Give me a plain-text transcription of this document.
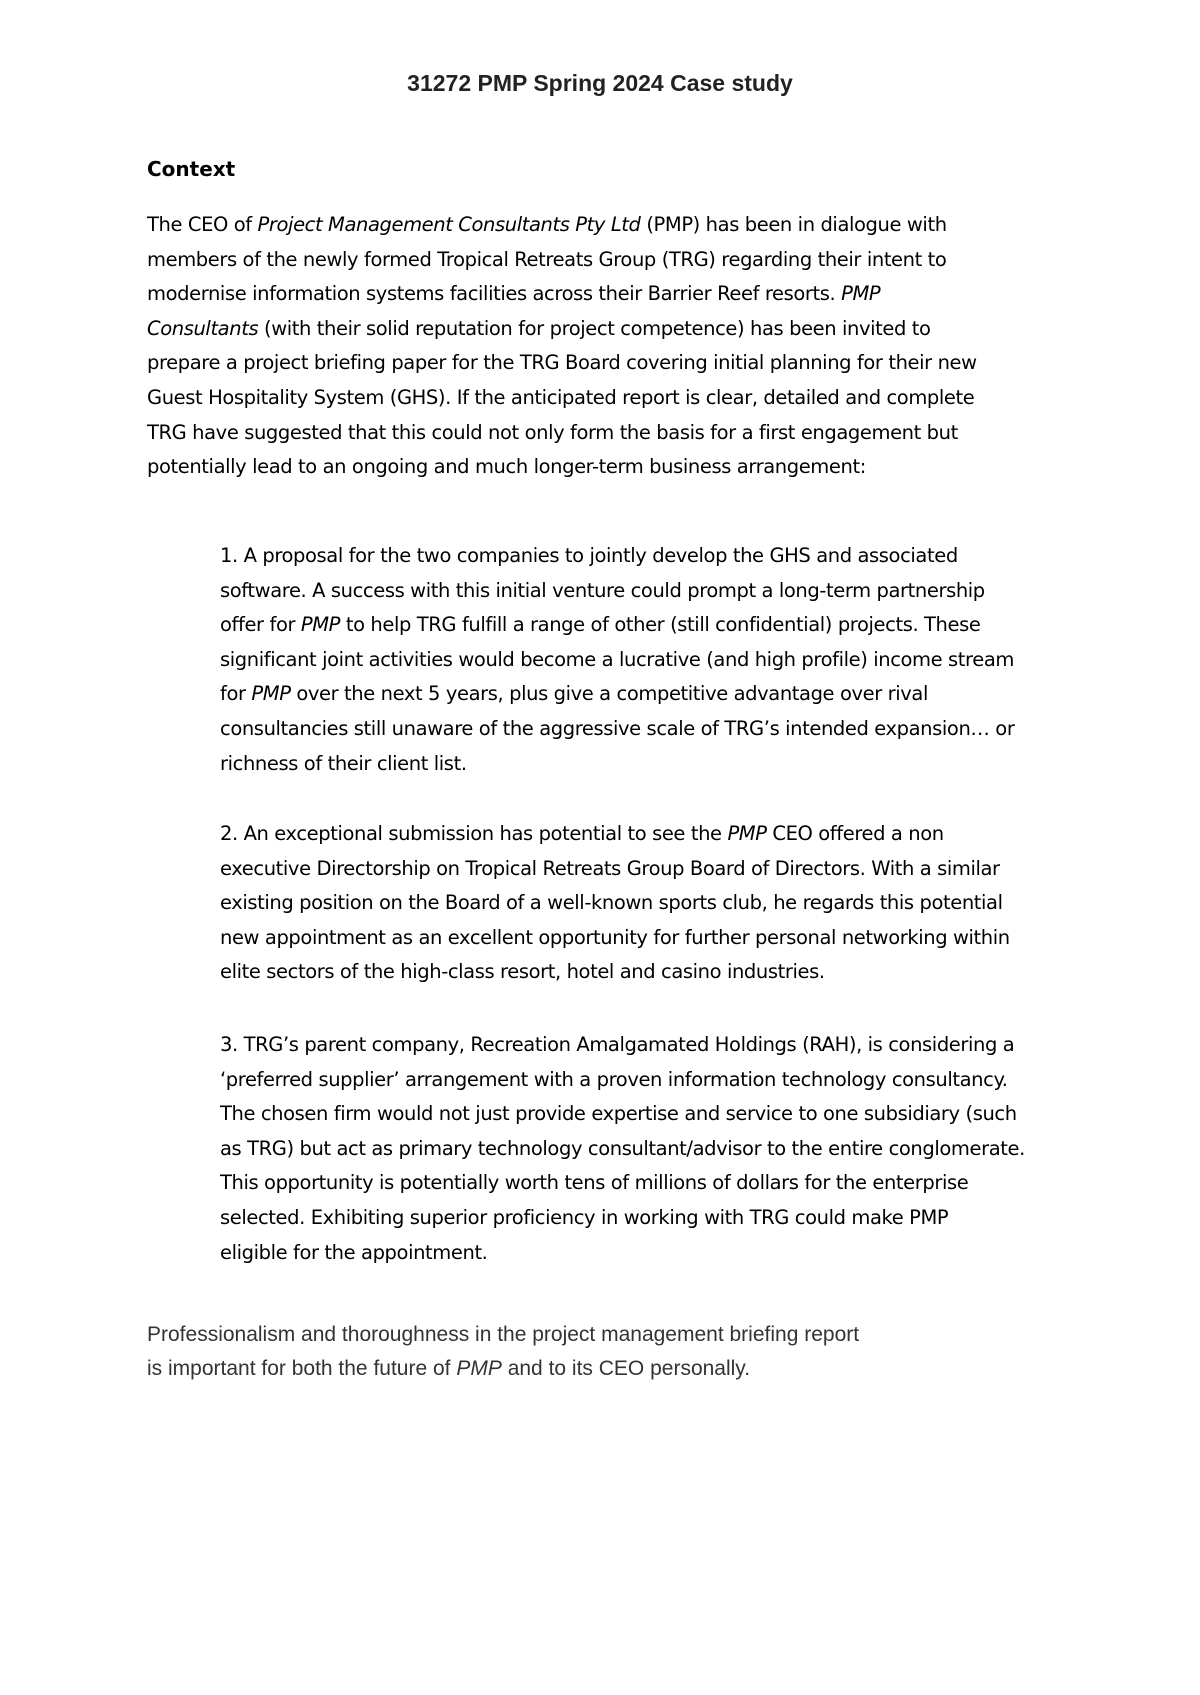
31272 PMP Spring 2024 Case study
Context

The CEO of Project Management Consultants Pty Ltd (PMP) has been in dialogue with
members of the newly formed Tropical Retreats Group (TRG) regarding their intent to
modernise information systems facilities across their Barrier Reef resorts. PMP
Consultants (with their solid reputation for project competence) has been invited to
prepare a project briefing paper for the TRG Board covering initial planning for their new
Guest Hospitality System (GHS). If the anticipated report is clear, detailed and complete
TRG have suggested that this could not only form the basis for a first engagement but
potentially lead to an ongoing and much longer-term business arrangement:

1. A proposal for the two companies to jointly develop the GHS and associated
software. A success with this initial venture could prompt a long-term partnership
offer for PMP to help TRG fulfill a range of other (still confidential) projects. These
significant joint activities would become a lucrative (and high profile) income stream
for PMP over the next 5 years, plus give a competitive advantage over rival
consultancies still unaware of the aggressive scale of TRG’s intended expansion… or
richness of their client list.

2. An exceptional submission has potential to see the PMP CEO offered a non
executive Directorship on Tropical Retreats Group Board of Directors. With a similar
existing position on the Board of a well-known sports club, he regards this potential
new appointment as an excellent opportunity for further personal networking within
elite sectors of the high-class resort, hotel and casino industries.

3. TRG’s parent company, Recreation Amalgamated Holdings (RAH), is considering a
‘preferred supplier’ arrangement with a proven information technology consultancy.
The chosen firm would not just provide expertise and service to one subsidiary (such
as TRG) but act as primary technology consultant/advisor to the entire conglomerate.
This opportunity is potentially worth tens of millions of dollars for the enterprise
selected. Exhibiting superior proficiency in working with TRG could make PMP
eligible for the appointment.

Professionalism and thoroughness in the project management briefing report
is important for both the future of PMP and to its CEO personally.
